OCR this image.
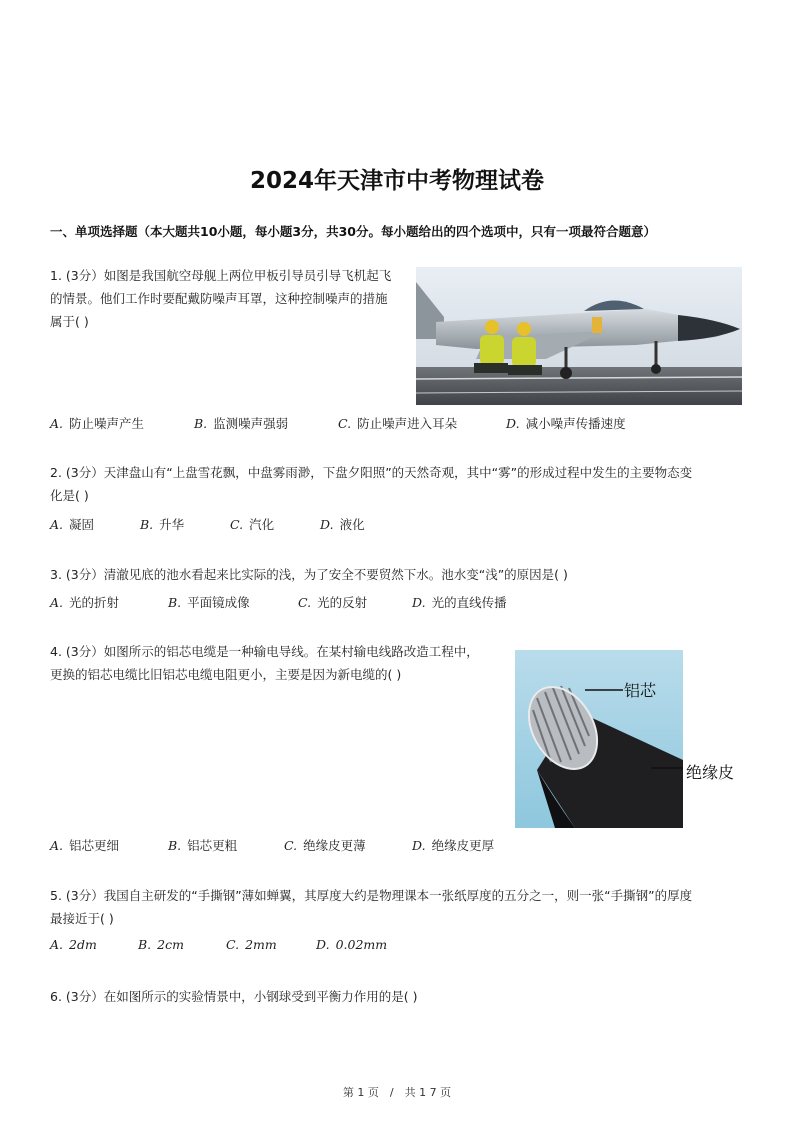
2024年天津市中考物理试卷
一、单项选择题（本大题共10小题，每小题3分，共30分。每小题给出的四个选项中，只有一项最符合题意）
1. (3分）如图是我国航空母舰上两位甲板引导员引导飞机起飞
的情景。他们工作时要配戴防噪声耳罩，这种控制噪声的措施
属于( )
A. 防止噪声产生	B. 监测噪声强弱	C. 防止噪声进入耳朵	D. 减小噪声传播速度
2. (3分）天津盘山有“上盘雪花飘，中盘雾雨渺，下盘夕阳照”的天然奇观，其中“雾”的形成过程中发生的主要物态变
化是( )
A. 凝固	B. 升华	C. 汽化	D. 液化
3. (3分）清澈见底的池水看起来比实际的浅，为了安全不要贸然下水。池水变“浅”的原因是( )
A. 光的折射	B. 平面镜成像	C. 光的反射	D. 光的直线传播
4. (3分）如图所示的铝芯电缆是一种输电导线。在某村输电线路改造工程中，
更换的铝芯电缆比旧铝芯电缆电阻更小，主要是因为新电缆的( )
铝芯
绝缘皮
A. 铝芯更细	B. 铝芯更粗	C. 绝缘皮更薄	D. 绝缘皮更厚
5. (3分）我国自主研发的“手撕钢”薄如蝉翼，其厚度大约是物理课本一张纸厚度的五分之一，则一张“手撕钢”的厚度
最接近于( )
A. 2dm	B. 2cm	C. 2mm	D. 0.02mm
6. (3分）在如图所示的实验情景中，小钢球受到平衡力作用的是( )
第 1 页　/　共 1 7 页
